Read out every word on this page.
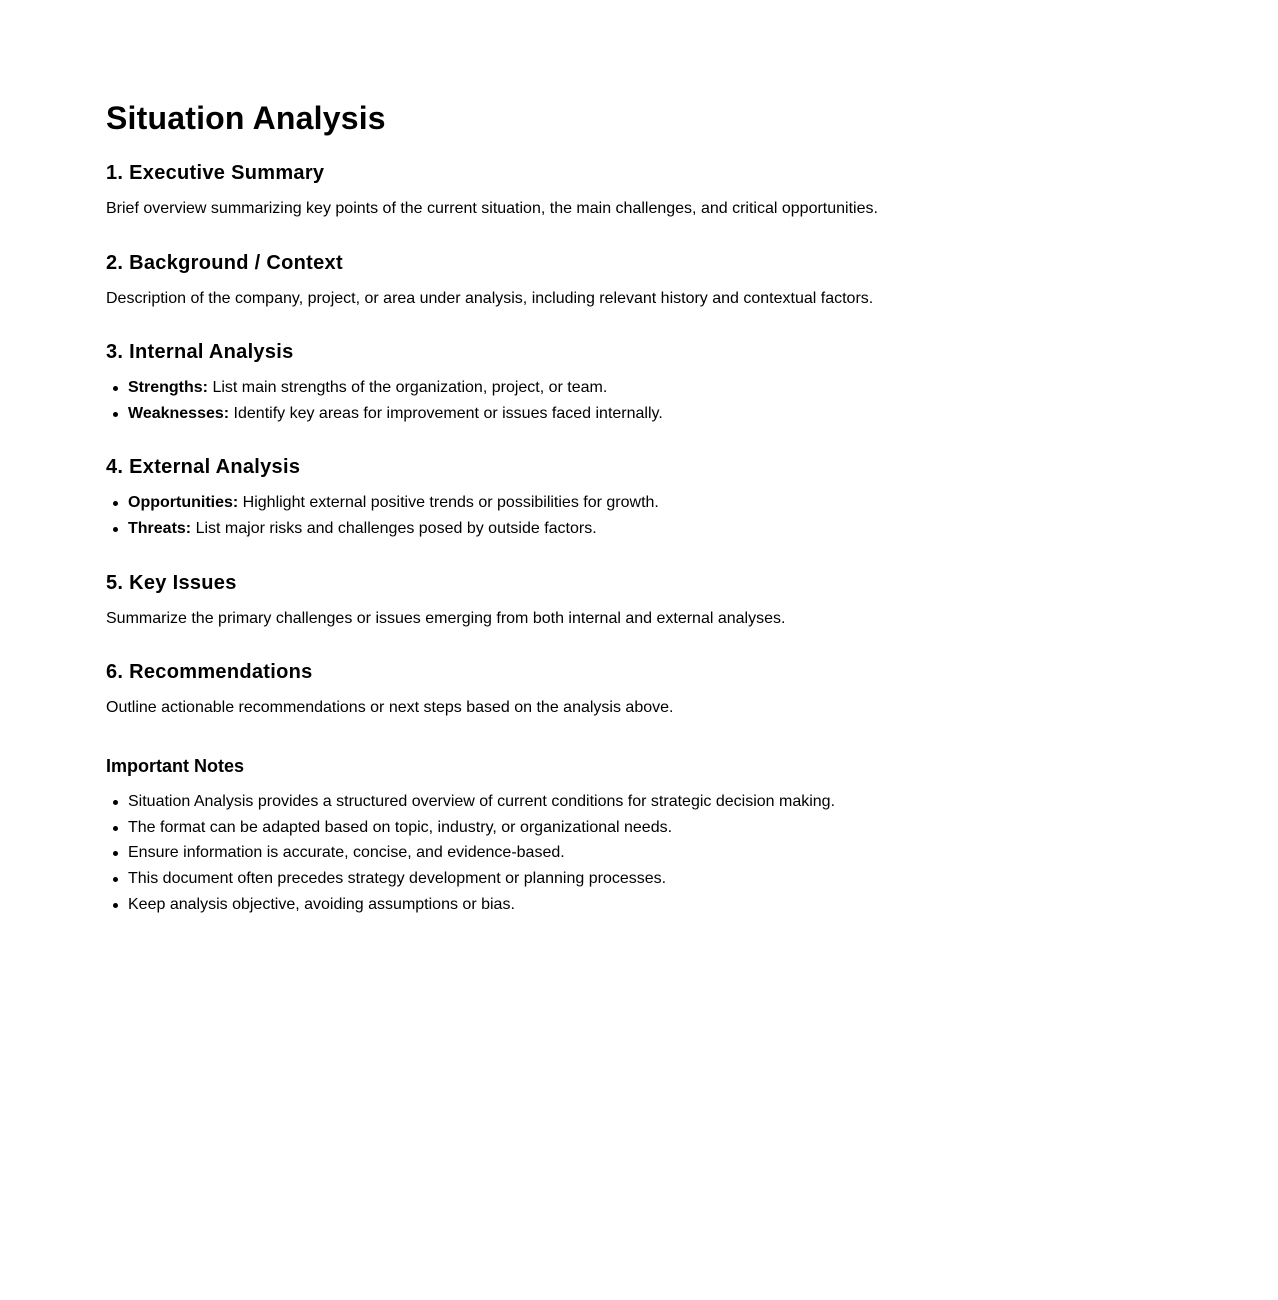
Situation Analysis
1. Executive Summary

Brief overview summarizing key points of the current situation, the main challenges, and critical opportunities.

2. Background / Context

Description of the company, project, or area under analysis, including relevant history and contextual factors.

3. Internal Analysis
Strengths: List main strengths of the organization, project, or team.
Weaknesses: Identify key areas for improvement or issues faced internally.
4. External Analysis
Opportunities: Highlight external positive trends or possibilities for growth.
Threats: List major risks and challenges posed by outside factors.
5. Key Issues

Summarize the primary challenges or issues emerging from both internal and external analyses.

6. Recommendations

Outline actionable recommendations or next steps based on the analysis above.

Important Notes
Situation Analysis provides a structured overview of current conditions for strategic decision making.
The format can be adapted based on topic, industry, or organizational needs.
Ensure information is accurate, concise, and evidence-based.
This document often precedes strategy development or planning processes.
Keep analysis objective, avoiding assumptions or bias.
